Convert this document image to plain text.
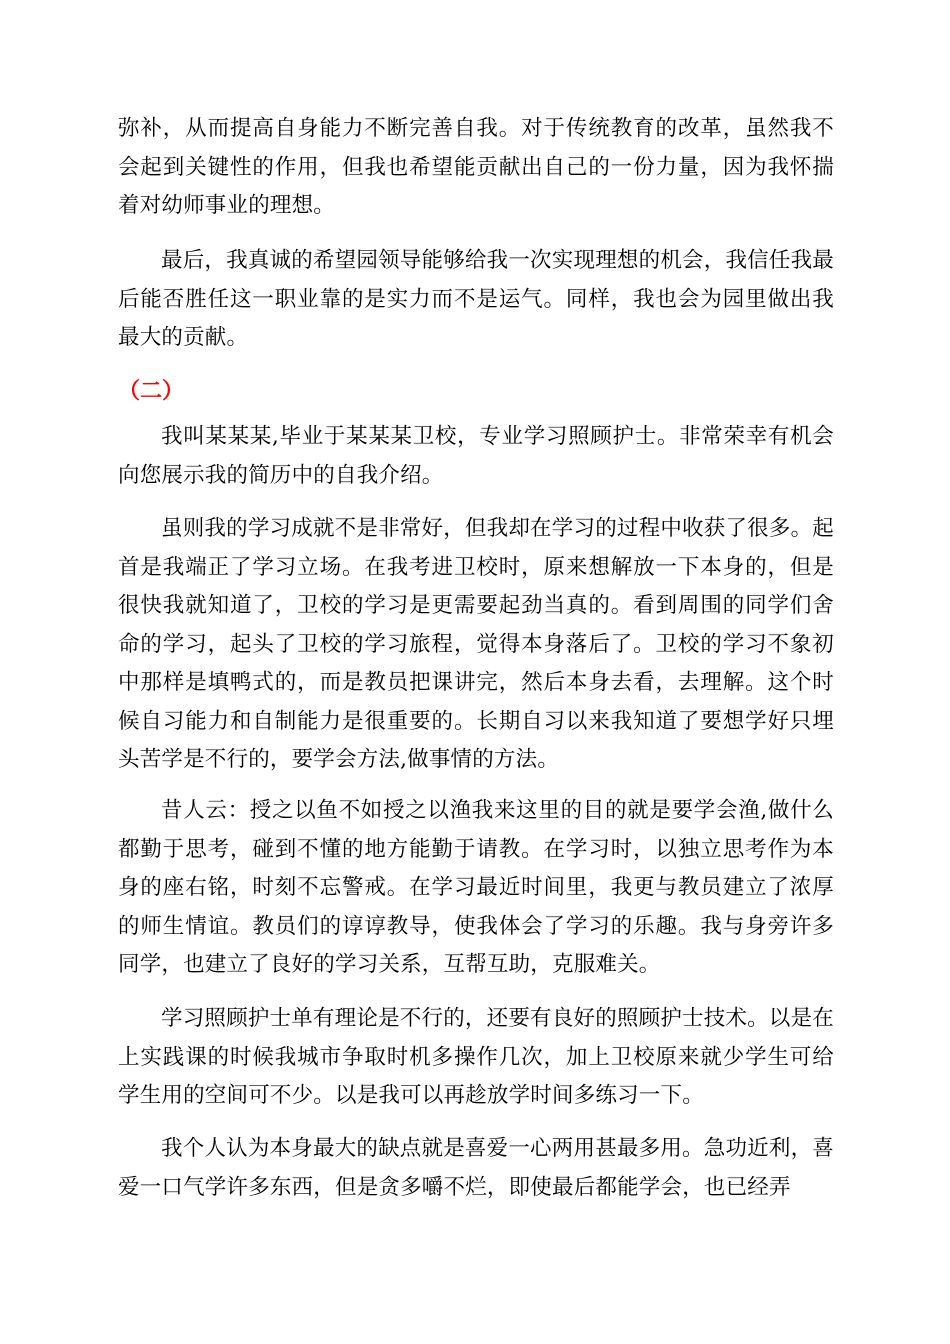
弥补，从而提高自身能力不断完善自我。对于传统教育的改革，虽然我不会起到关键性的作用，但我也希望能贡献出自己的一份力量，因为我怀揣着对幼师事业的理想。

最后，我真诚的希望园领导能够给我一次实现理想的机会，我信任我最后能否胜任这一职业靠的是实力而不是运气。同样，我也会为园里做出我最大的贡献。

（二）

我叫某某某,毕业于某某某卫校，专业学习照顾护士。非常荣幸有机会向您展示我的简历中的自我介绍。

虽则我的学习成就不是非常好，但我却在学习的过程中收获了很多。起首是我端正了学习立场。在我考进卫校时，原来想解放一下本身的，但是很快我就知道了，卫校的学习是更需要起劲当真的。看到周围的同学们舍命的学习，起头了卫校的学习旅程，觉得本身落后了。卫校的学习不象初中那样是填鸭式的，而是教员把课讲完，然后本身去看，去理解。这个时候自习能力和自制能力是很重要的。长期自习以来我知道了要想学好只埋头苦学是不行的，要学会方法,做事情的方法。

昔人云：授之以鱼不如授之以渔我来这里的目的就是要学会渔,做什么都勤于思考，碰到不懂的地方能勤于请教。在学习时，以独立思考作为本身的座右铭，时刻不忘警戒。在学习最近时间里，我更与教员建立了浓厚的师生情谊。教员们的谆谆教导，使我体会了学习的乐趣。我与身旁许多同学，也建立了良好的学习关系，互帮互助，克服难关。

学习照顾护士单有理论是不行的，还要有良好的照顾护士技术。以是在上实践课的时候我城市争取时机多操作几次，加上卫校原来就少学生可给学生用的空间可不少。以是我可以再趁放学时间多练习一下。

我个人认为本身最大的缺点就是喜爱一心两用甚最多用。急功近利，喜爱一口气学许多东西，但是贪多嚼不烂，即使最后都能学会，也已经弄
